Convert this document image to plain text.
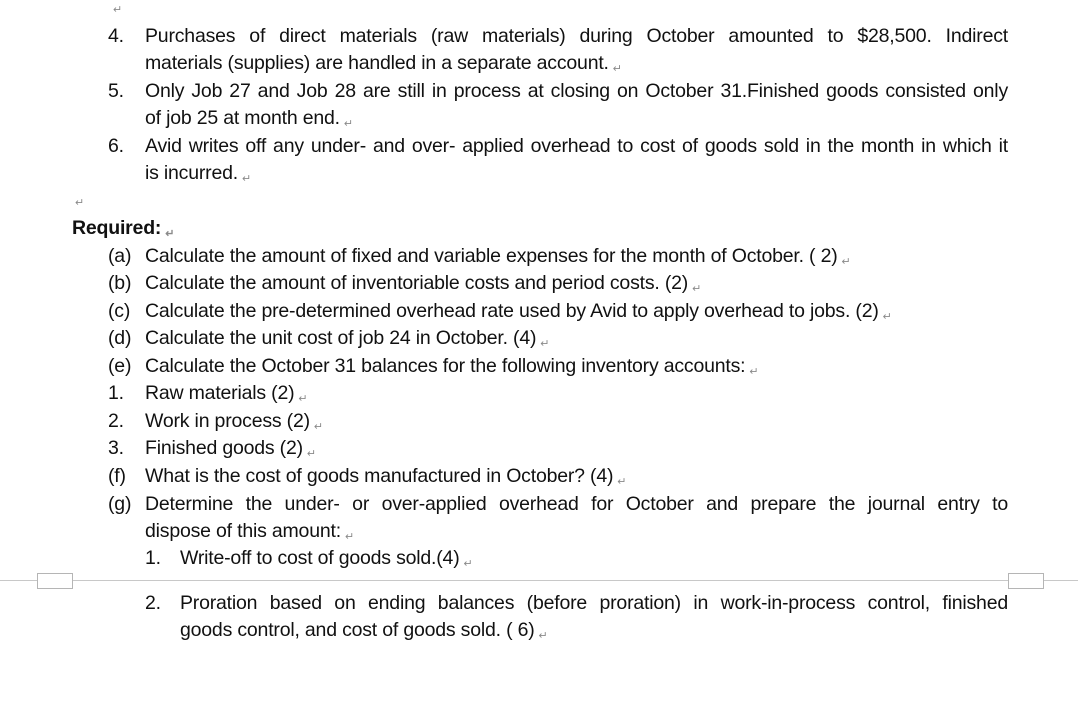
↵
4. Purchases of direct materials (raw materials) during October amounted to $28,500. Indirect
materials (supplies) are handled in a separate account. ↵
5. Only Job 27 and Job 28 are still in process at closing on October 31.Finished goods consisted only
of job 25 at month end. ↵
6. Avid writes off any under- and over- applied overhead to cost of goods sold in the month in which it
is incurred. ↵
↵
Required: ↵
(a) Calculate the amount of fixed and variable expenses for the month of October. ( 2) ↵
(b) Calculate the amount of inventoriable costs and period costs. (2) ↵
(c) Calculate the pre-determined overhead rate used by Avid to apply overhead to jobs. (2) ↵
(d) Calculate the unit cost of job 24 in October. (4) ↵
(e) Calculate the October 31 balances for the following inventory accounts: ↵
1. Raw materials (2) ↵
2. Work in process (2) ↵
3. Finished goods (2) ↵
(f) What is the cost of goods manufactured in October? (4) ↵
(g) Determine the under- or over-applied overhead for October and prepare the journal entry to
dispose of this amount: ↵
1. Write-off to cost of goods sold.(4) ↵
2. Proration based on ending balances (before proration) in work-in-process control, finished
goods control, and cost of goods sold. ( 6) ↵
